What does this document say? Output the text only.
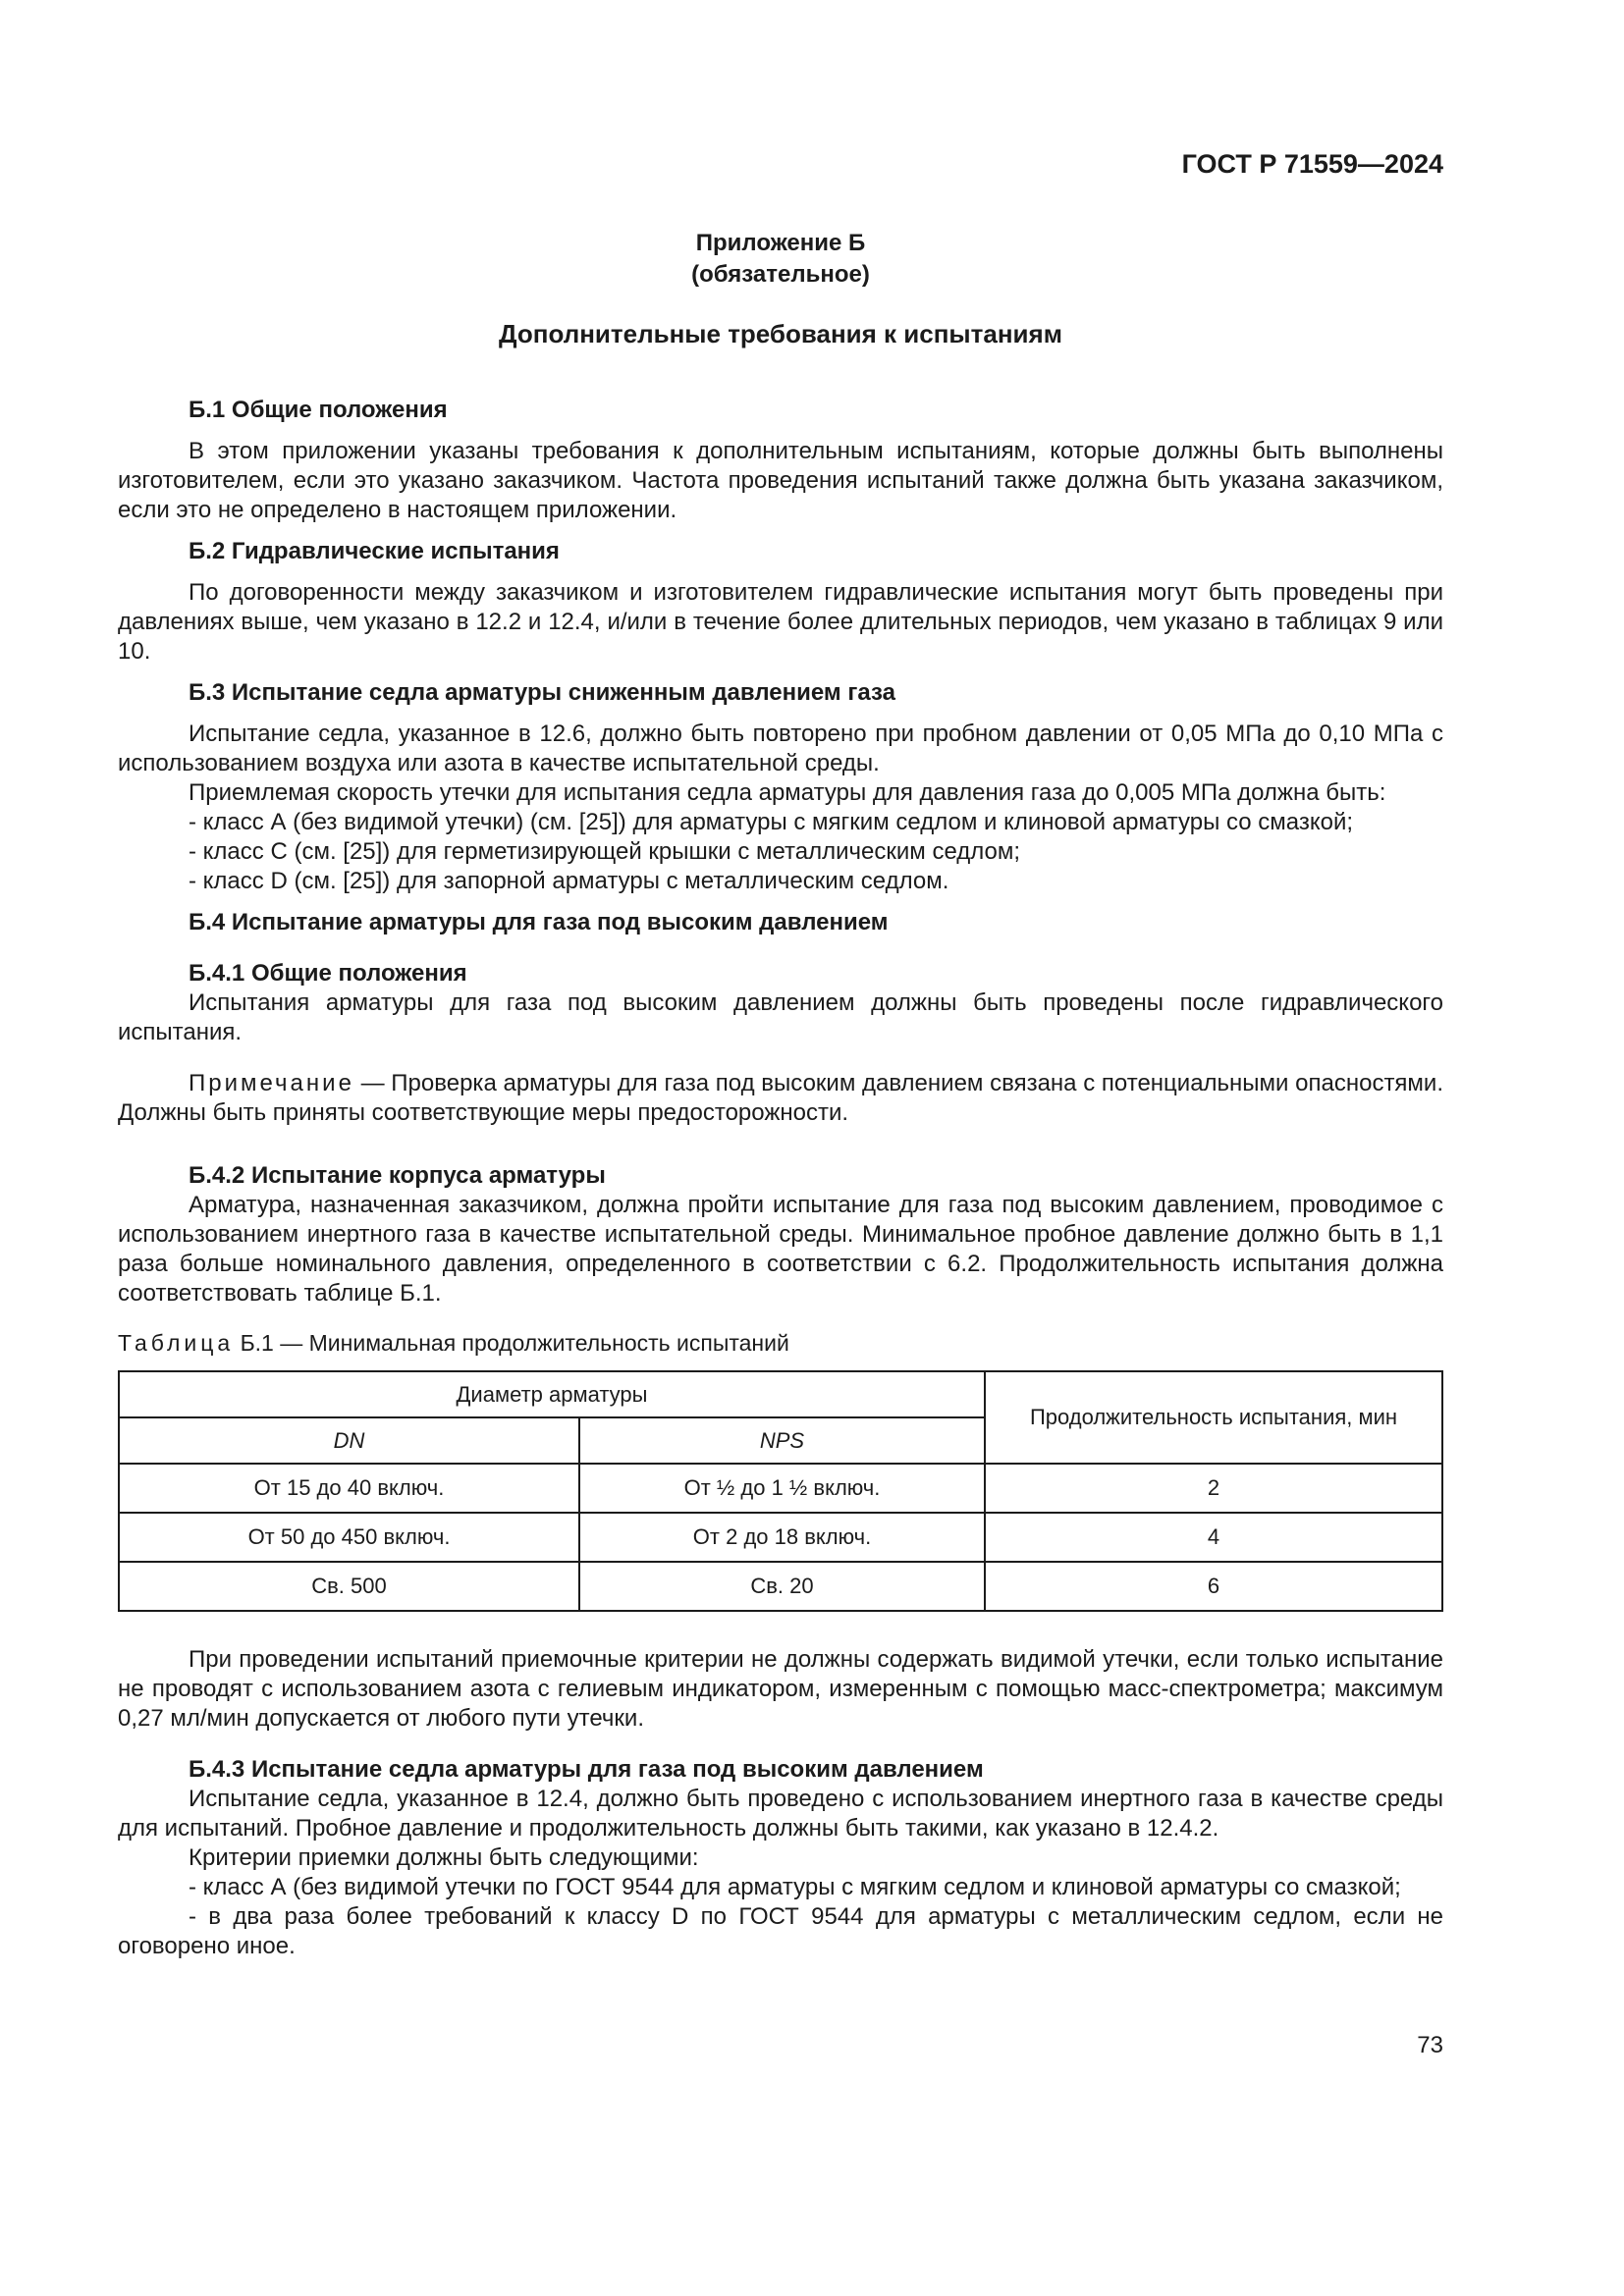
ГОСТ Р 71559—2024
Приложение Б
(обязательное)
Дополнительные требования к испытаниям

Б.1 Общие положения

В этом приложении указаны требования к дополнительным испытаниям, которые должны быть выполнены изготовителем, если это указано заказчиком. Частота проведения испытаний также должна быть указана заказчиком, если это не определено в настоящем приложении.

Б.2 Гидравлические испытания

По договоренности между заказчиком и изготовителем гидравлические испытания могут быть проведены при давлениях выше, чем указано в 12.2 и 12.4, и/или в течение более длительных периодов, чем указано в таблицах 9 или 10.

Б.3 Испытание седла арматуры сниженным давлением газа

Испытание седла, указанное в 12.6, должно быть повторено при пробном давлении от 0,05 МПа до 0,10 МПа с использованием воздуха или азота в качестве испытательной среды.

Приемлемая скорость утечки для испытания седла арматуры для давления газа до 0,005 МПа должна быть:

- класс А (без видимой утечки) (см. [25]) для арматуры с мягким седлом и клиновой арматуры со смазкой;

- класс С (см. [25]) для герметизирующей крышки с металлическим седлом;

- класс D (см. [25]) для запорной арматуры с металлическим седлом.

Б.4 Испытание арматуры для газа под высоким давлением

Б.4.1 Общие положения

Испытания арматуры для газа под высоким давлением должны быть проведены после гидравлического испытания.

Примечание — Проверка арматуры для газа под высоким давлением связана с потенциальными опасностями. Должны быть приняты соответствующие меры предосторожности.

Б.4.2 Испытание корпуса арматуры

Арматура, назначенная заказчиком, должна пройти испытание для газа под высоким давлением, проводимое с использованием инертного газа в качестве испытательной среды. Минимальное пробное давление должно быть в 1,1 раза больше номинального давления, определенного в соответствии с 6.2. Продолжительность испытания должна соответствовать таблице Б.1.

Таблица Б.1 — Минимальная продолжительность испытаний

Диаметр арматуры		Продолжительность испытания, мин
DN	NPS	
От 15 до 40 включ.	От ½ до 1 ½ включ.	2
От 50 до 450 включ.	От 2 до 18 включ.	4
Св. 500	Св. 20	6

При проведении испытаний приемочные критерии не должны содержать видимой утечки, если только испытание не проводят с использованием азота с гелиевым индикатором, измеренным с помощью масс-спектрометра; максимум 0,27 мл/мин допускается от любого пути утечки.

Б.4.3 Испытание седла арматуры для газа под высоким давлением

Испытание седла, указанное в 12.4, должно быть проведено с использованием инертного газа в качестве среды для испытаний. Пробное давление и продолжительность должны быть такими, как указано в 12.4.2.

Критерии приемки должны быть следующими:

- класс А (без видимой утечки по ГОСТ 9544 для арматуры с мягким седлом и клиновой арматуры со смазкой;

- в два раза более требований к классу D по ГОСТ 9544 для арматуры с металлическим седлом, если не оговорено иное.

73
